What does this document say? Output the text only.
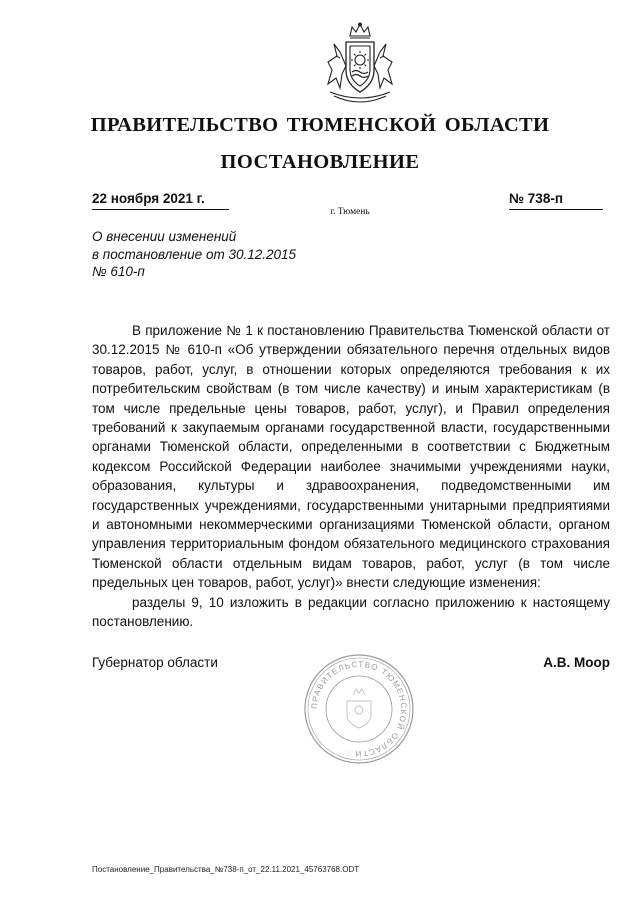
ПРАВИТЕЛЬСТВО ТЮМЕНСКОЙ ОБЛАСТИ
ПОСТАНОВЛЕНИЕ
22 ноября 2021 г.	№ 738-п
г. Тюмень
О внесении изменений
в постановление от 30.12.2015
№ 610-п

В приложение № 1 к постановлению Правительства Тюменской области от 30.12.2015 № 610-п «Об утверждении обязательного перечня отдельных видов товаров, работ, услуг, в отношении которых определяются требования к их потребительским свойствам (в том числе качеству) и иным характеристикам (в том числе предельные цены товаров, работ, услуг), и Правил определения требований к закупаемым органами государственной власти, государственными органами Тюменской области, определенными в соответствии с Бюджетным кодексом Российской Федерации наиболее значимыми учреждениями науки, образования, культуры и здравоохранения, подведомственными им государственных учреждениями, государственными унитарными предприятиями и автономными некоммерческими организациями Тюменской области, органом управления территориальным фондом обязательного медицинского страхования Тюменской области отдельным видам товаров, работ, услуг (в том числе предельных цен товаров, работ, услуг)» внести следующие изменения:

разделы 9, 10 изложить в редакции согласно приложению к настоящему постановлению.

Губернатор области
ПРАВИТЕЛЬСТВО ТЮМЕНСКОЙ ОБЛАСТИ ·
А.В. Моор
Постановление_Правительства_№738-п_от_22.11.2021_45763768.ODT
